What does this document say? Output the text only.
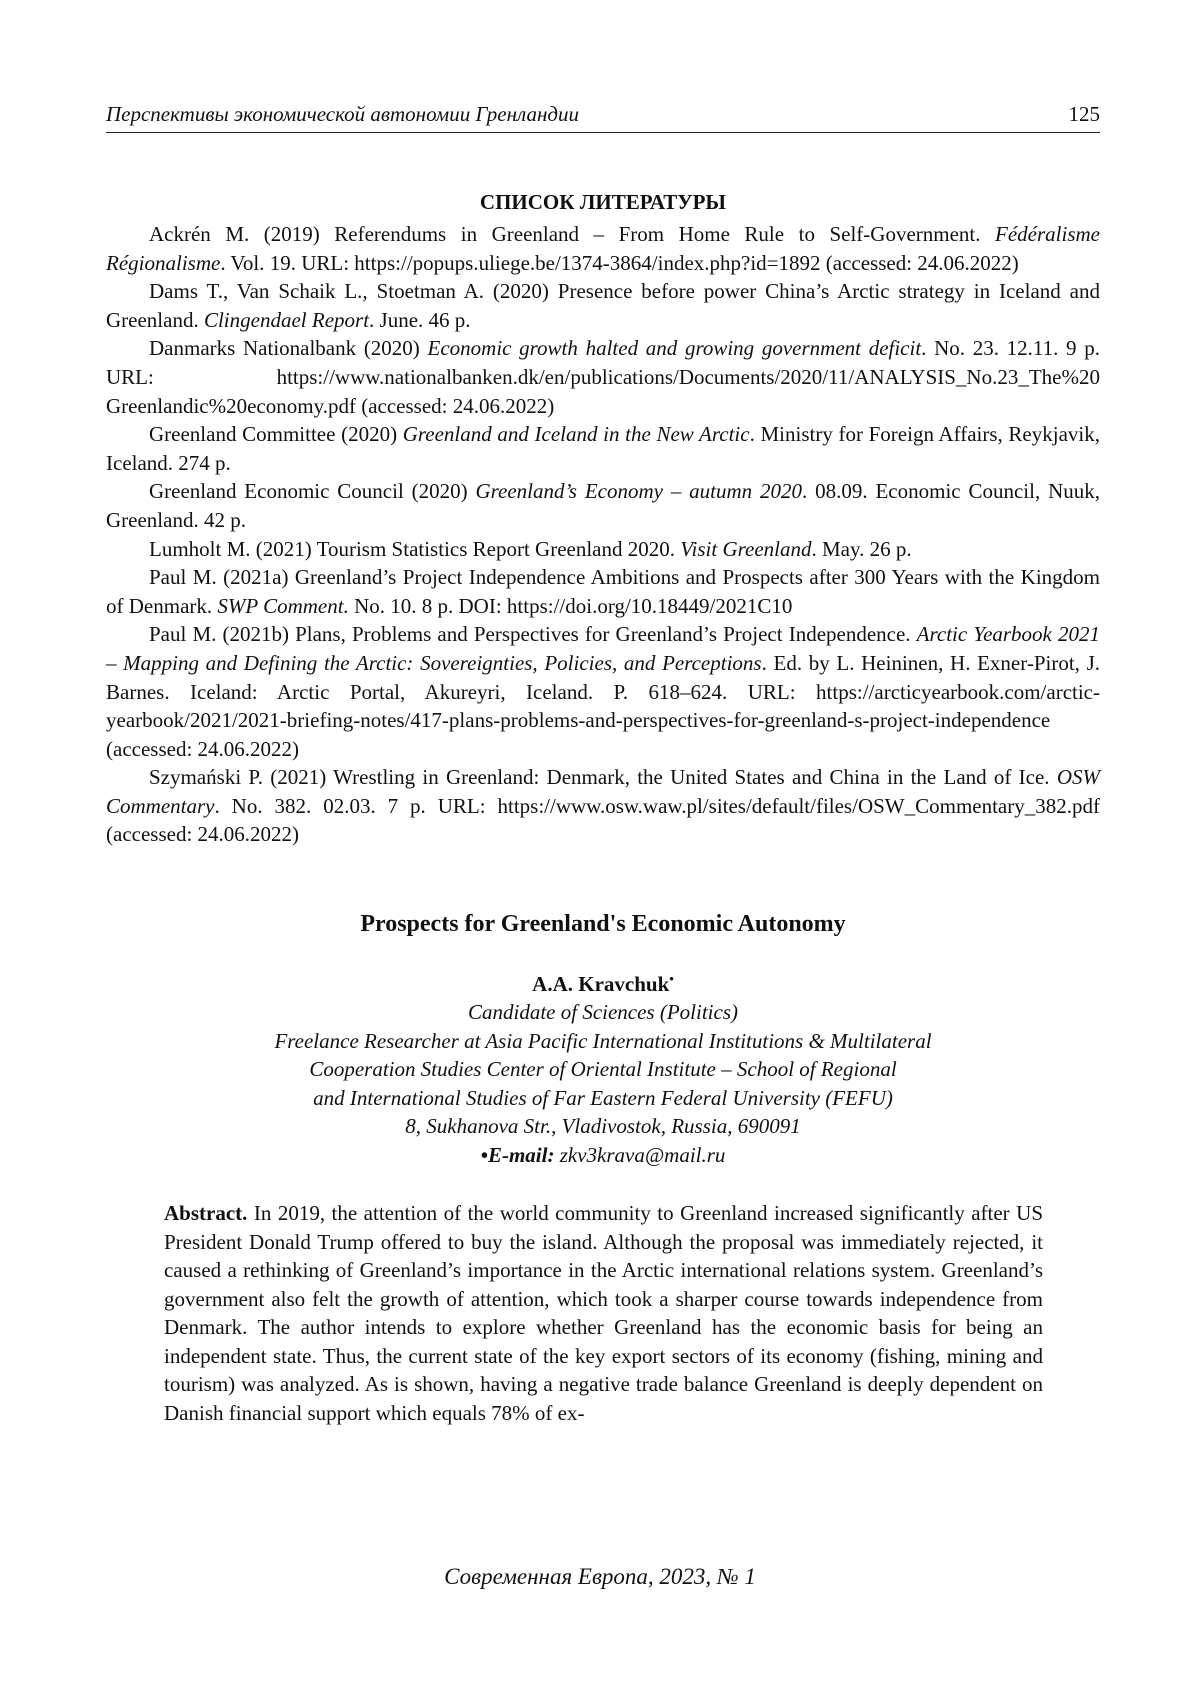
Перспективы экономической автономии Гренландии	125
СПИСОК ЛИТЕРАТУРЫ

Ackrén M. (2019) Referendums in Greenland – From Home Rule to Self-Government. Fédéralisme Régionalisme. Vol. 19. URL: https://popups.uliege.be/1374-3864/index.php?id=1892 (accessed: 24.06.2022)

Dams T., Van Schaik L., Stoetman A. (2020) Presence before power China’s Arctic strategy in Iceland and Greenland. Clingendael Report. June. 46 p.

Danmarks Nationalbank (2020) Economic growth halted and growing government deficit. No. 23. 12.11. 9 p. URL: https://www.nationalbanken.dk/en/publications/Documents/2020/11/ANALYSIS_No.23_The%20 Greenlandic%20economy.pdf (accessed: 24.06.2022)

Greenland Committee (2020) Greenland and Iceland in the New Arctic. Ministry for Foreign Affairs, Reykjavik, Iceland. 274 p.

Greenland Economic Council (2020) Greenland’s Economy – autumn 2020. 08.09. Economic Council, Nuuk, Greenland. 42 p.

Lumholt M. (2021) Tourism Statistics Report Greenland 2020. Visit Greenland. May. 26 p.

Paul M. (2021a) Greenland’s Project Independence Ambitions and Prospects after 300 Years with the Kingdom of Denmark. SWP Comment. No. 10. 8 p. DOI: https://doi.org/10.18449/2021C10

Paul M. (2021b) Plans, Problems and Perspectives for Greenland’s Project Independence. Arctic Yearbook 2021 – Mapping and Defining the Arctic: Sovereignties, Policies, and Perceptions. Ed. by L. Heininen, H. Exner-Pirot, J. Barnes. Iceland: Arctic Portal, Akureyri, Iceland. P. 618–624. URL: https://arcticyearbook.com/arctic-yearbook/2021/2021-briefing-notes/417-plans-problems-and-perspectives-for-greenland-s-project-independence (accessed: 24.06.2022)

Szymański P. (2021) Wrestling in Greenland: Denmark, the United States and China in the Land of Ice. OSW Commentary. No. 382. 02.03. 7 p. URL: https://www.osw.waw.pl/sites/default/files/OSW_Commentary_382.pdf (accessed: 24.06.2022)

Prospects for Greenland's Economic Autonomy
A.A. Kravchuk•
Candidate of Sciences (Politics)
Freelance Researcher at Asia Pacific International Institutions & Multilateral
Cooperation Studies Center of Oriental Institute – School of Regional
and International Studies of Far Eastern Federal University (FEFU)
8, Sukhanova Str., Vladivostok, Russia, 690091
•E-mail: zkv3krava@mail.ru
Abstract. In 2019, the attention of the world community to Greenland increased significantly after US President Donald Trump offered to buy the island. Although the proposal was immediately rejected, it caused a rethinking of Greenland’s importance in the Arctic international relations system. Greenland’s government also felt the growth of attention, which took a sharper course towards independence from Denmark. The author intends to explore whether Greenland has the economic basis for being an independent state. Thus, the current state of the key export sectors of its economy (fishing, mining and tourism) was analyzed. As is shown, having a negative trade balance Greenland is deeply dependent on Danish financial support which equals 78% of ex-
Современная Европа, 2023, № 1
